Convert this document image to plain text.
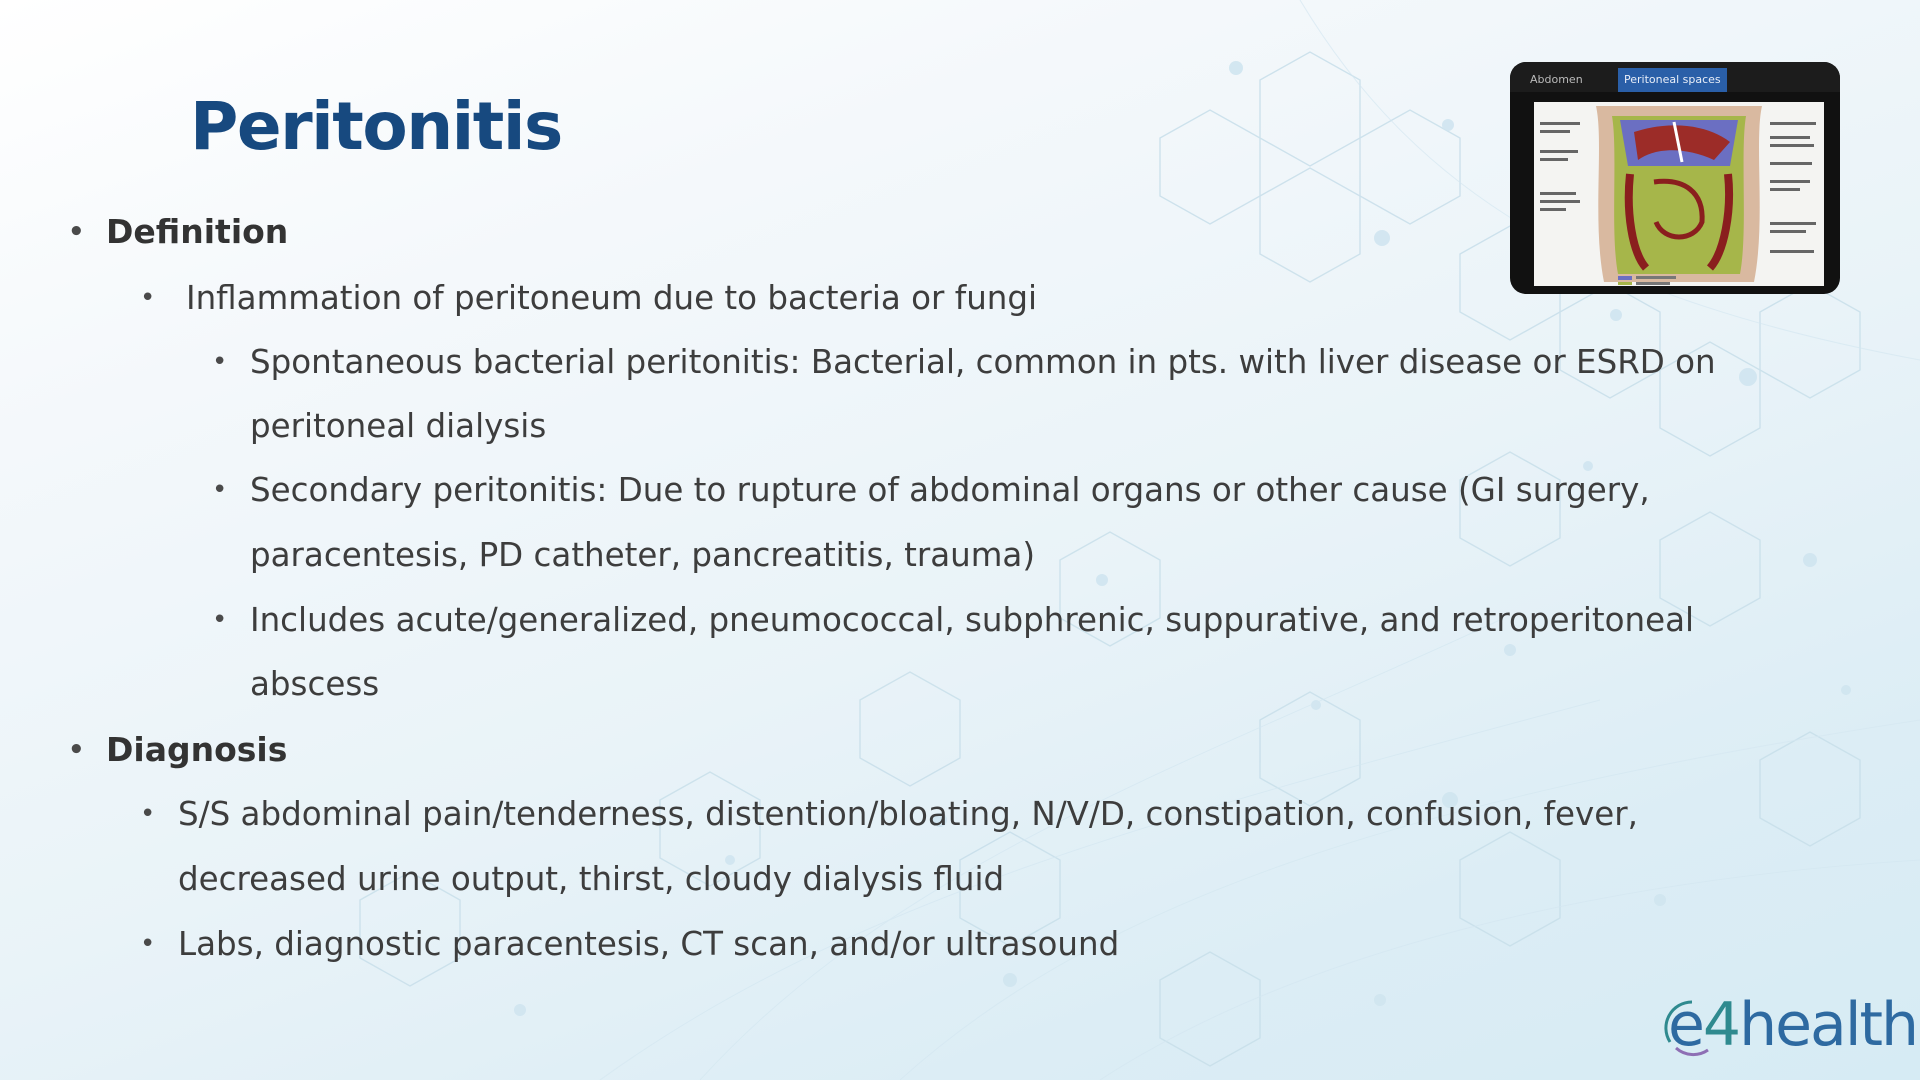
Peritonitis
Abdomen	Peritoneal spaces
• Definition
• Inflammation of peritoneum due to bacteria or fungi
• Spontaneous bacterial peritonitis: Bacterial, common in pts. with liver disease or ESRD on
peritoneal dialysis
• Secondary peritonitis: Due to rupture of abdominal organs or other cause (GI surgery,
paracentesis, PD catheter, pancreatitis, trauma)
• Includes acute/generalized, pneumococcal, subphrenic, suppurative, and retroperitoneal
abscess
• Diagnosis
• S/S abdominal pain/tenderness, distention/bloating, N/V/D, constipation, confusion, fever,
decreased urine output, thirst, cloudy dialysis fluid
• Labs, diagnostic paracentesis, CT scan, and/or ultrasound
e4health
